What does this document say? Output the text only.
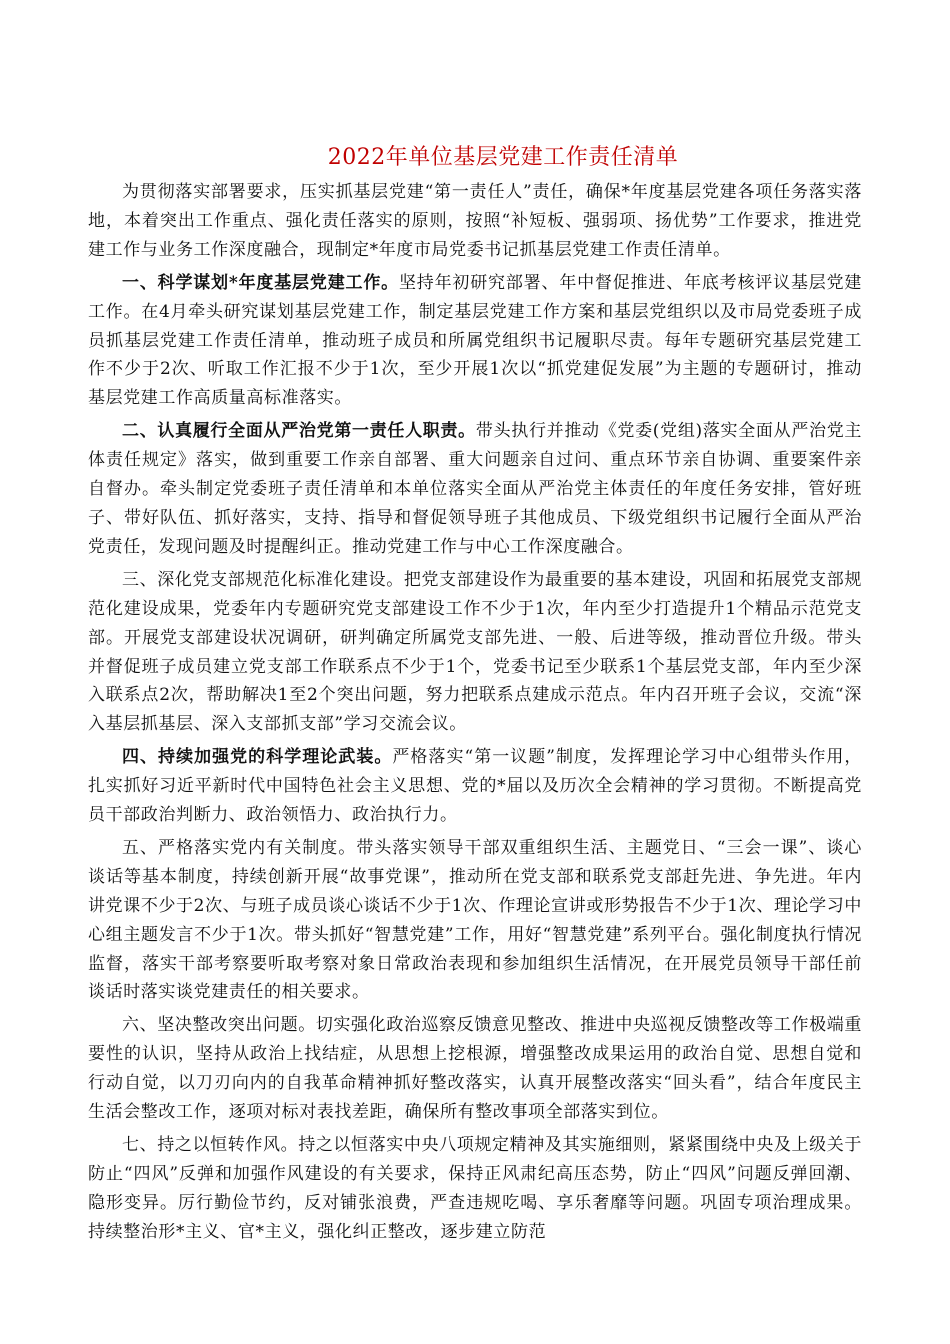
2022年单位基层党建工作责任清单

为贯彻落实部署要求，压实抓基层党建“第一责任人”责任，确保*年度基层党建各项任务落实落地，本着突出工作重点、强化责任落实的原则，按照“补短板、强弱项、扬优势”工作要求，推进党建工作与业务工作深度融合，现制定*年度市局党委书记抓基层党建工作责任清单。

一、科学谋划*年度基层党建工作。坚持年初研究部署、年中督促推进、年底考核评议基层党建工作。在4月牵头研究谋划基层党建工作，制定基层党建工作方案和基层党组织以及市局党委班子成员抓基层党建工作责任清单，推动班子成员和所属党组织书记履职尽责。每年专题研究基层党建工作不少于2次、听取工作汇报不少于1次，至少开展1次以“抓党建促发展”为主题的专题研讨，推动基层党建工作高质量高标准落实。

二、认真履行全面从严治党第一责任人职责。带头执行并推动《党委(党组)落实全面从严治党主体责任规定》落实，做到重要工作亲自部署、重大问题亲自过问、重点环节亲自协调、重要案件亲自督办。牵头制定党委班子责任清单和本单位落实全面从严治党主体责任的年度任务安排，管好班子、带好队伍、抓好落实，支持、指导和督促领导班子其他成员、下级党组织书记履行全面从严治党责任，发现问题及时提醒纠正。推动党建工作与中心工作深度融合。

三、深化党支部规范化标准化建设。把党支部建设作为最重要的基本建设，巩固和拓展党支部规范化建设成果，党委年内专题研究党支部建设工作不少于1次，年内至少打造提升1个精品示范党支部。开展党支部建设状况调研，研判确定所属党支部先进、一般、后进等级，推动晋位升级。带头并督促班子成员建立党支部工作联系点不少于1个，党委书记至少联系1个基层党支部，年内至少深入联系点2次，帮助解决1至2个突出问题，努力把联系点建成示范点。年内召开班子会议，交流“深入基层抓基层、深入支部抓支部”学习交流会议。

四、持续加强党的科学理论武装。严格落实“第一议题”制度，发挥理论学习中心组带头作用，扎实抓好习近平新时代中国特色社会主义思想、党的*届以及历次全会精神的学习贯彻。不断提高党员干部政治判断力、政治领悟力、政治执行力。

五、严格落实党内有关制度。带头落实领导干部双重组织生活、主题党日、“三会一课”、谈心谈话等基本制度，持续创新开展“故事党课”，推动所在党支部和联系党支部赶先进、争先进。年内讲党课不少于2次、与班子成员谈心谈话不少于1次、作理论宣讲或形势报告不少于1次、理论学习中心组主题发言不少于1次。带头抓好“智慧党建”工作，用好“智慧党建”系列平台。强化制度执行情况监督，落实干部考察要听取考察对象日常政治表现和参加组织生活情况，在开展党员领导干部任前谈话时落实谈党建责任的相关要求。

六、坚决整改突出问题。切实强化政治巡察反馈意见整改、推进中央巡视反馈整改等工作极端重要性的认识，坚持从政治上找结症，从思想上挖根源，增强整改成果运用的政治自觉、思想自觉和行动自觉，以刀刃向内的自我革命精神抓好整改落实，认真开展整改落实“回头看”，结合年度民主生活会整改工作，逐项对标对表找差距，确保所有整改事项全部落实到位。

七、持之以恒转作风。持之以恒落实中央八项规定精神及其实施细则，紧紧围绕中央及上级关于防止“四风”反弹和加强作风建设的有关要求，保持正风肃纪高压态势，防止“四风”问题反弹回潮、隐形变异。厉行勤俭节约，反对铺张浪费，严查违规吃喝、享乐奢靡等问题。巩固专项治理成果。持续整治形*主义、官*主义，强化纠正整改，逐步建立防范
